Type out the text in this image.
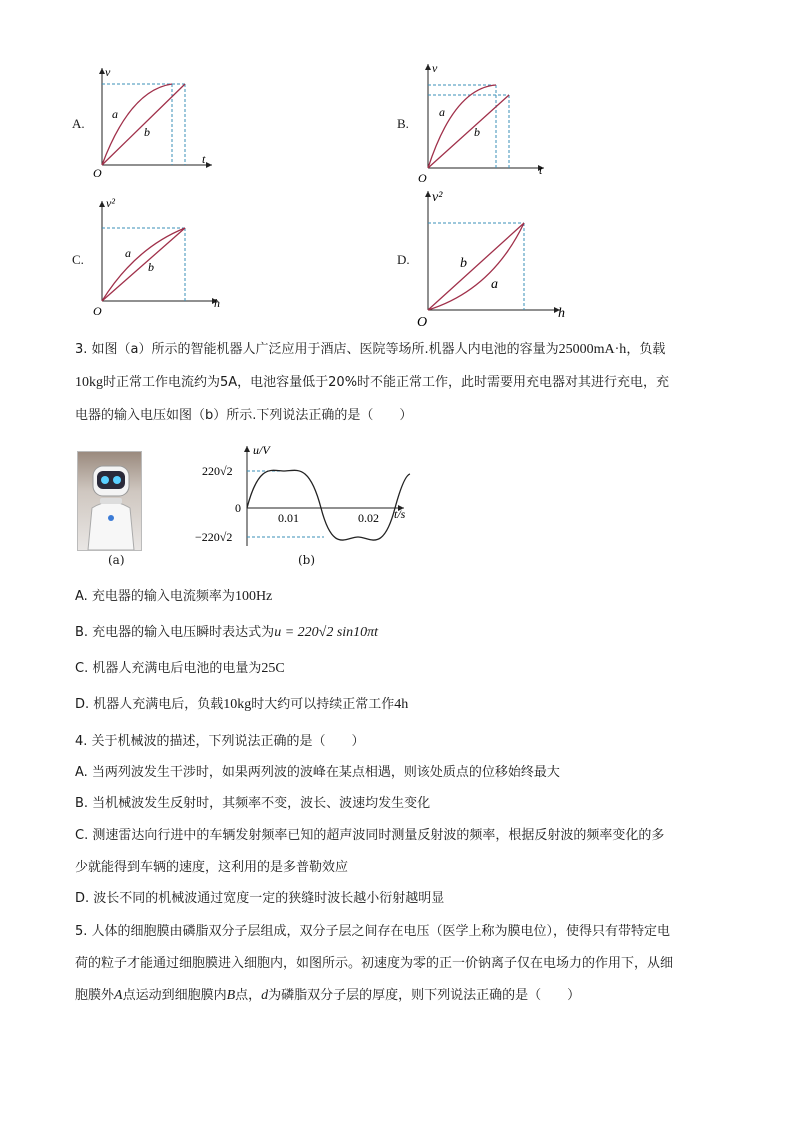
A.
v
t
O
a
b
B.
v
t
O
a
b
C.
v²
h
O
a
b	D.
v²
h
O
a
b
3. 如图（a）所示的智能机器人广泛应用于酒店、医院等场所.机器人内电池的容量为25000mA·h，负载
10kg时正常工作电流约为5A，电池容量低于20%时不能正常工作，此时需要用充电器对其进行充电，充
电器的输入电压如图（b）所示.下列说法正确的是（　　）
(a)
u/V
t/s
220√2
−220√2
0
0.01	0.02
(b)
A. 充电器的输入电流频率为100Hz
B. 充电器的输入电压瞬时表达式为u = 220√2 sin10πt
C. 机器人充满电后电池的电量为25C
D. 机器人充满电后，负载10kg时大约可以持续正常工作4h
4. 关于机械波的描述，下列说法正确的是（　　）
A. 当两列波发生干涉时，如果两列波的波峰在某点相遇，则该处质点的位移始终最大
B. 当机械波发生反射时，其频率不变，波长、波速均发生变化
C. 测速雷达向行进中的车辆发射频率已知的超声波同时测量反射波的频率，根据反射波的频率变化的多
少就能得到车辆的速度，这利用的是多普勒效应
D. 波长不同的机械波通过宽度一定的狭缝时波长越小衍射越明显
5. 人体的细胞膜由磷脂双分子层组成，双分子层之间存在电压（医学上称为膜电位），使得只有带特定电
荷的粒子才能通过细胞膜进入细胞内，如图所示。初速度为零的正一价钠离子仅在电场力的作用下，从细
胞膜外A点运动到细胞膜内B点，d为磷脂双分子层的厚度，则下列说法正确的是（　　）
